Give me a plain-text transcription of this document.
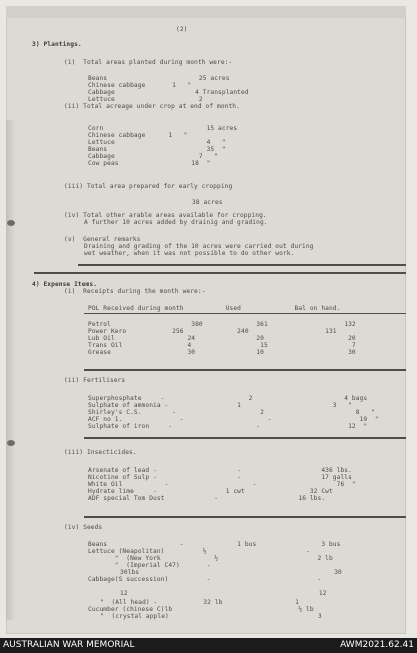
(2)
3) Plantings.
(i)  Total areas planted during month were:-
Beans                        25 acres
Chinese cabbage       1   "
Cabbage                     4 Transplanted
Lettuce                      2
(ii) Total acreage under crop at end of month.
Corn                           15 acres
Chinese cabbage      1   "
Lettuce                        4   "
Beans                          35  "
Cabbage                      7   "
Cow peas                   18  "
(iii) Total area prepared for early cropping
38 acres
(iv) Total other arable areas available for cropping.
A further 10 acres added by drainig and grading.
(v)  General remarks
Draining and grading of the 10 acres were carried out during
wet weather, when it was not possible to do other work.
4) Expense Items.
(i)  Receipts during the month were:-
POL Received during month           Used              Bal on hand.
Petrol                     380              361                    132
Power Kero            256              240                    131
Lub Oil                   24                20                      20
Trans Oil                 4                  15                      7
Grease                    30                10                      30
(ii) Fertilisers
Superphosphate     -                      2                        4 bags
Sulphate of ammonia -                  1                        3   "
Shirley's C.S.        -                      2                        8   "
ACF no 1.               -                      -                       19  "
Sulphate of iron     -                      -                       12  "
(iii) Insecticides.
Arsenate of lead -                     -                     436 lbs.
Nicotine of Sulp -                     -                     17 galls
White Oil           -                      -                     76  "
Hydrate lime     -                  1 cwt                 32 Cwt
ADF special Tom Dust             -                     16 lbs.
(iv) Seeds
Beans                   -              1 bus                 3 bus
Lettuce (Neapolitan)          ½                          -
"  (New York              ½                          2 lb
"  (Imperial C47)       -
30lbs                                                   30
Cabbage(S succession)          -                            -
12                                                  12
"  (All head) -            32 lb                   1
Cucumber (chinese C)lb                                 ½ lb
"  (crystal apple)                                       3
AUSTRALIAN WAR MEMORIAL	AWM2021.62.41
